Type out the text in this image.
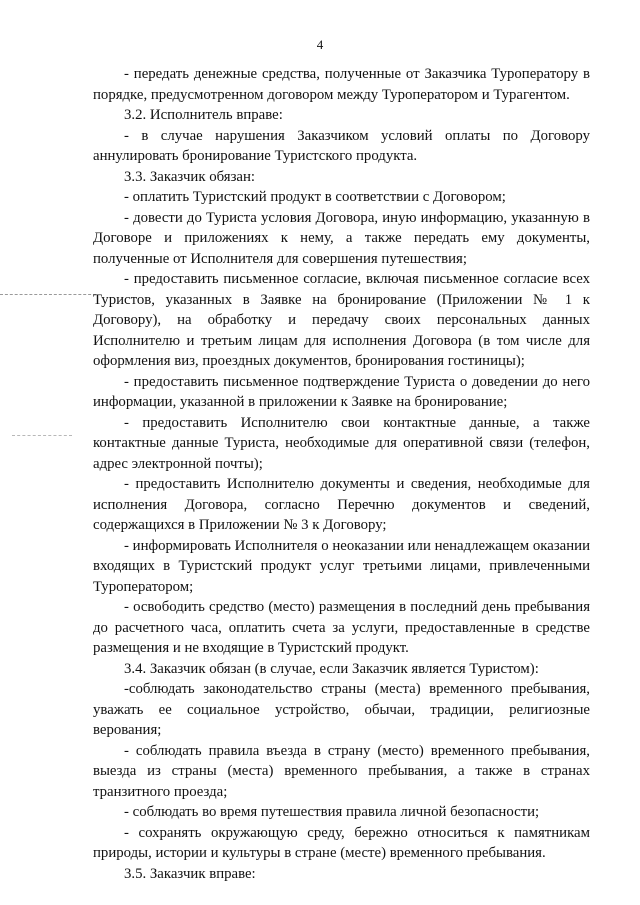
4

- передать денежные средства, полученные от Заказчика Туроператору в порядке, предусмотренном договором между Туроператором и Турагентом.

3.2. Исполнитель вправе:

- в случае нарушения Заказчиком условий оплаты по Договору аннулировать бронирование Туристского продукта.

3.3. Заказчик обязан:

- оплатить Туристский продукт в соответствии с Договором;

- довести до Туриста условия Договора, иную информацию, указанную в Договоре и приложениях к нему, а также передать ему документы, полученные от Исполнителя для совершения путешествия;

- предоставить письменное согласие, включая письменное согласие всех Туристов, указанных в Заявке на бронирование (Приложении № 1 к Договору), на обработку и передачу своих персональных данных Исполнителю и третьим лицам для исполнения Договора (в том числе для оформления виз, проездных документов, бронирования гостиницы);

- предоставить письменное подтверждение Туриста о доведении до него информации, указанной в приложении к Заявке на бронирование;

- предоставить Исполнителю свои контактные данные, а также контактные данные Туриста, необходимые для оперативной связи (телефон, адрес электронной почты);

- предоставить Исполнителю документы и сведения, необходимые для исполнения Договора, согласно Перечню документов и сведений, содержащихся в Приложении № 3 к Договору;

- информировать Исполнителя о неоказании или ненадлежащем оказании входящих в Туристский продукт услуг третьими лицами, привлеченными Туроператором;

- освободить средство (место) размещения в последний день пребывания до расчетного часа, оплатить счета за услуги, предоставленные в средстве размещения и не входящие в Туристский продукт.

3.4. Заказчик обязан (в случае, если Заказчик является Туристом):

-соблюдать законодательство страны (места) временного пребывания, уважать ее социальное устройство, обычаи, традиции, религиозные верования;

- соблюдать правила въезда в страну (место) временного пребывания, выезда из страны (места) временного пребывания, а также в странах транзитного проезда;

- соблюдать во время путешествия правила личной безопасности;

- сохранять окружающую среду, бережно относиться к памятникам природы, истории и культуры в стране (месте) временного пребывания.

3.5. Заказчик вправе:
